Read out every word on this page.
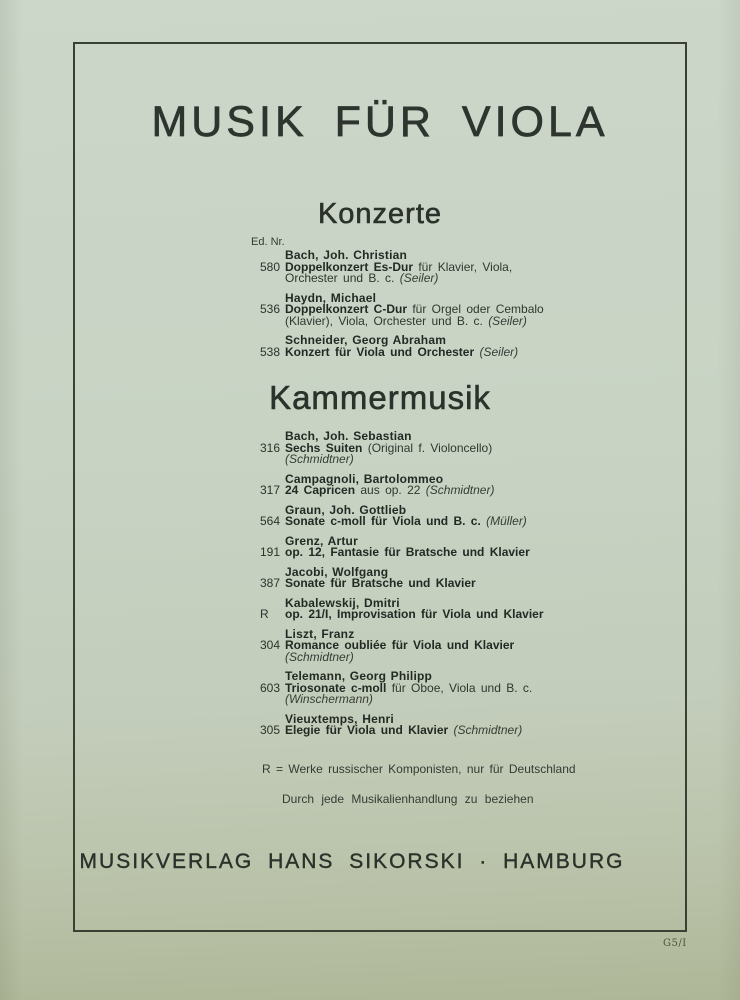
MUSIK FÜR VIOLA
Konzerte
Ed. Nr.
Bach, Joh. Christian
580 Doppelkonzert Es-Dur für Klavier, Viola,
Orchester und B. c. (Seiler)
Haydn, Michael
536 Doppelkonzert C-Dur für Orgel oder Cembalo
(Klavier), Viola, Orchester und B. c. (Seiler)
Schneider, Georg Abraham
538 Konzert für Viola und Orchester (Seiler)
Kammermusik
Bach, Joh. Sebastian
316 Sechs Suiten (Original f. Violoncello)
(Schmidtner)
Campagnoli, Bartolommeo
317 24 Capricen aus op. 22 (Schmidtner)
Graun, Joh. Gottlieb
564 Sonate c-moll für Viola und B. c. (Müller)
Grenz, Artur
191 op. 12, Fantasie für Bratsche und Klavier
Jacobi, Wolfgang
387 Sonate für Bratsche und Klavier
Kabalewskij, Dmitri
R	op. 21/I, Improvisation für Viola und Klavier
Liszt, Franz
304 Romance oubliée für Viola und Klavier
(Schmidtner)
Telemann, Georg Philipp
603 Triosonate c-moll für Oboe, Viola und B. c.
(Winschermann)
Vieuxtemps, Henri
305 Elegie für Viola und Klavier (Schmidtner)
R = Werke russischer Komponisten, nur für Deutschland
Durch jede Musikalienhandlung zu beziehen
MUSIKVERLAG HANS SIKORSKI · HAMBURG
G5/I
